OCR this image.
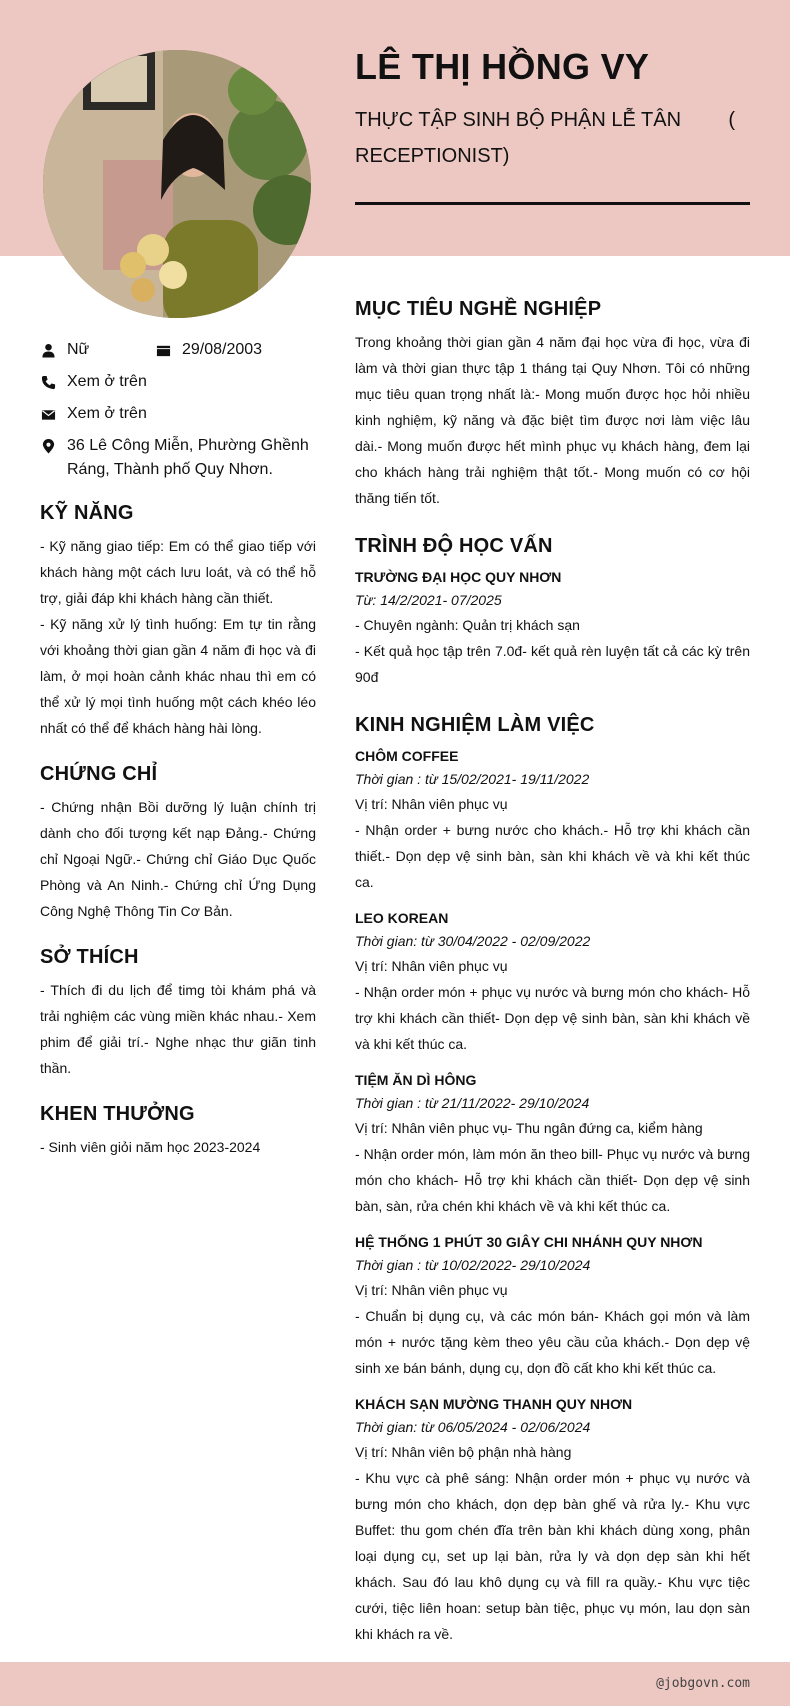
LÊ THỊ HỒNG VY
THỰC TẬP SINH BỘ PHẬN LỄ TÂN (

RECEPTIONIST)
Nữ	29/08/2003
Xem ở trên
Xem ở trên
36 Lê Công Miễn, Phường Ghềnh Ráng, Thành phố Quy Nhơn.
KỸ NĂNG

- Kỹ năng giao tiếp: Em có thể giao tiếp với khách hàng một cách lưu loát, và có thể hỗ trợ, giải đáp khi khách hàng cần thiết.

- Kỹ năng xử lý tình huống: Em tự tin rằng với khoảng thời gian gần 4 năm đi học và đi làm, ở mọi hoàn cảnh khác nhau thì em có thể xử lý mọi tình huống một cách khéo léo nhất có thể để khách hàng hài lòng.

CHỨNG CHỈ

- Chứng nhận Bồi dưỡng lý luận chính trị dành cho đối tượng kết nạp Đảng.- Chứng chỉ Ngoại Ngữ.- Chứng chỉ Giáo Dục Quốc Phòng và An Ninh.- Chứng chỉ Ứng Dụng Công Nghệ Thông Tin Cơ Bản.

SỞ THÍCH

- Thích đi du lịch để timg tòi khám phá và trải nghiệm các vùng miền khác nhau.- Xem phim để giải trí.- Nghe nhạc thư giãn tinh thần.

KHEN THƯỞNG

- Sinh viên giỏi năm học 2023-2024

MỤC TIÊU NGHỀ NGHIỆP

Trong khoảng thời gian gần 4 năm đại học vừa đi học, vừa đi làm và thời gian thực tập 1 tháng tại Quy Nhơn. Tôi có những mục tiêu quan trọng nhất là:- Mong muốn được học hỏi nhiều kinh nghiệm, kỹ năng và đặc biệt tìm được nơi làm việc lâu dài.- Mong muốn được hết mình phục vụ khách hàng, đem lại cho khách hàng trải nghiệm thật tốt.- Mong muốn có cơ hội thăng tiến tốt.

TRÌNH ĐỘ HỌC VẤN
TRƯỜNG ĐẠI HỌC QUY NHƠN
Từ: 14/2/2021- 07/2025
- Chuyên ngành: Quản trị khách sạn
- Kết quả học tập trên 7.0đ- kết quả rèn luyện tất cả các kỳ trên 90đ
KINH NGHIỆM LÀM VIỆC
CHÔM COFFEE
Thời gian : từ 15/02/2021- 19/11/2022
Vị trí: Nhân viên phục vụ
- Nhận order + bưng nước cho khách.- Hỗ trợ khi khách cần thiết.- Dọn dẹp vệ sinh bàn, sàn khi khách về và khi kết thúc ca.
LEO KOREAN
Thời gian: từ 30/04/2022 - 02/09/2022
Vị trí: Nhân viên phục vụ
- Nhận order món + phục vụ nước và bưng món cho khách- Hỗ trợ khi khách cần thiết- Dọn dẹp vệ sinh bàn, sàn khi khách về và khi kết thúc ca.
TIỆM ĂN DÌ HÔNG
Thời gian : từ 21/11/2022- 29/10/2024
Vị trí: Nhân viên phục vụ- Thu ngân đứng ca, kiểm hàng
- Nhận order món, làm món ăn theo bill- Phục vụ nước và bưng món cho khách- Hỗ trợ khi khách cần thiết- Dọn dẹp vệ sinh bàn, sàn, rửa chén khi khách về và khi kết thúc ca.
HỆ THỐNG 1 PHÚT 30 GIÂY CHI NHÁNH QUY NHƠN
Thời gian : từ 10/02/2022- 29/10/2024
Vị trí: Nhân viên phục vụ
- Chuẩn bị dụng cụ, và các món bán- Khách gọi món và làm món + nước tặng kèm theo yêu cầu của khách.- Dọn dẹp vệ sinh xe bán bánh, dụng cụ, dọn đồ cất kho khi kết thúc ca.
KHÁCH SẠN MƯỜNG THANH QUY NHƠN
Thời gian: từ 06/05/2024 - 02/06/2024
Vị trí: Nhân viên bộ phận nhà hàng
- Khu vực cà phê sáng: Nhận order món + phục vụ nước và bưng món cho khách, dọn dẹp bàn ghế và rửa ly.- Khu vực Buffet: thu gom chén đĩa trên bàn khi khách dùng xong, phân loại dụng cụ, set up lại bàn, rửa ly và dọn dẹp sàn khi hết khách. Sau đó lau khô dụng cụ và fill ra quầy.- Khu vực tiệc cưới, tiệc liên hoan: setup bàn tiệc, phục vụ món, lau dọn sàn khi khách ra về.
@jobgovn.com
